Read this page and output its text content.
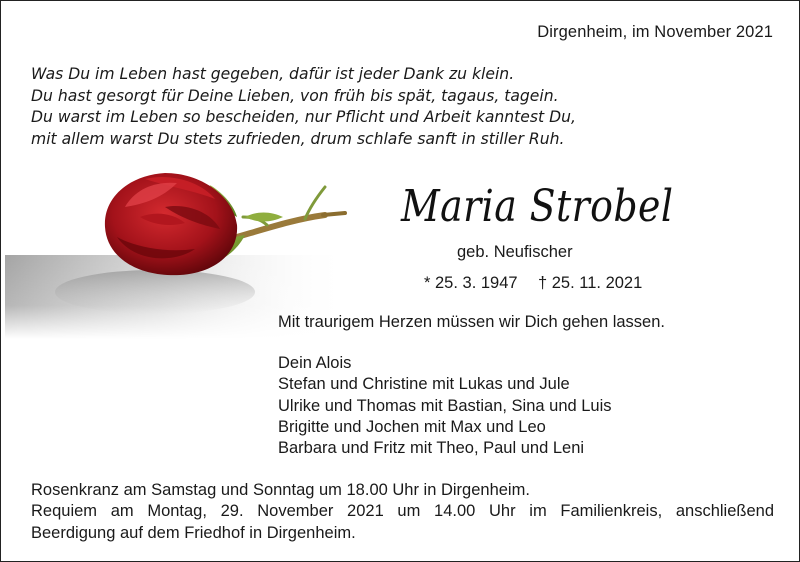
Dirgenheim, im November 2021
Was Du im Leben hast gegeben, dafür ist jeder Dank zu klein.
Du hast gesorgt für Deine Lieben, von früh bis spät, tagaus, tagein.
Du warst im Leben so bescheiden, nur Pflicht und Arbeit kanntest Du,
mit allem warst Du stets zufrieden, drum schlafe sanft in stiller Ruh.
Maria Strobel
geb. Neufischer
* 25. 3. 1947 † 25. 11. 2021
Mit traurigem Herzen müssen wir Dich gehen lassen.
Dein Alois
Stefan und Christine mit Lukas und Jule
Ulrike und Thomas mit Bastian, Sina und Luis
Brigitte und Jochen mit Max und Leo
Barbara und Fritz mit Theo, Paul und Leni
Rosenkranz am Samstag und Sonntag um 18.00 Uhr in Dirgenheim.
Requiem am Montag, 29. November 2021 um 14.00 Uhr im Familienkreis, anschließend
Beerdigung auf dem Friedhof in Dirgenheim.
